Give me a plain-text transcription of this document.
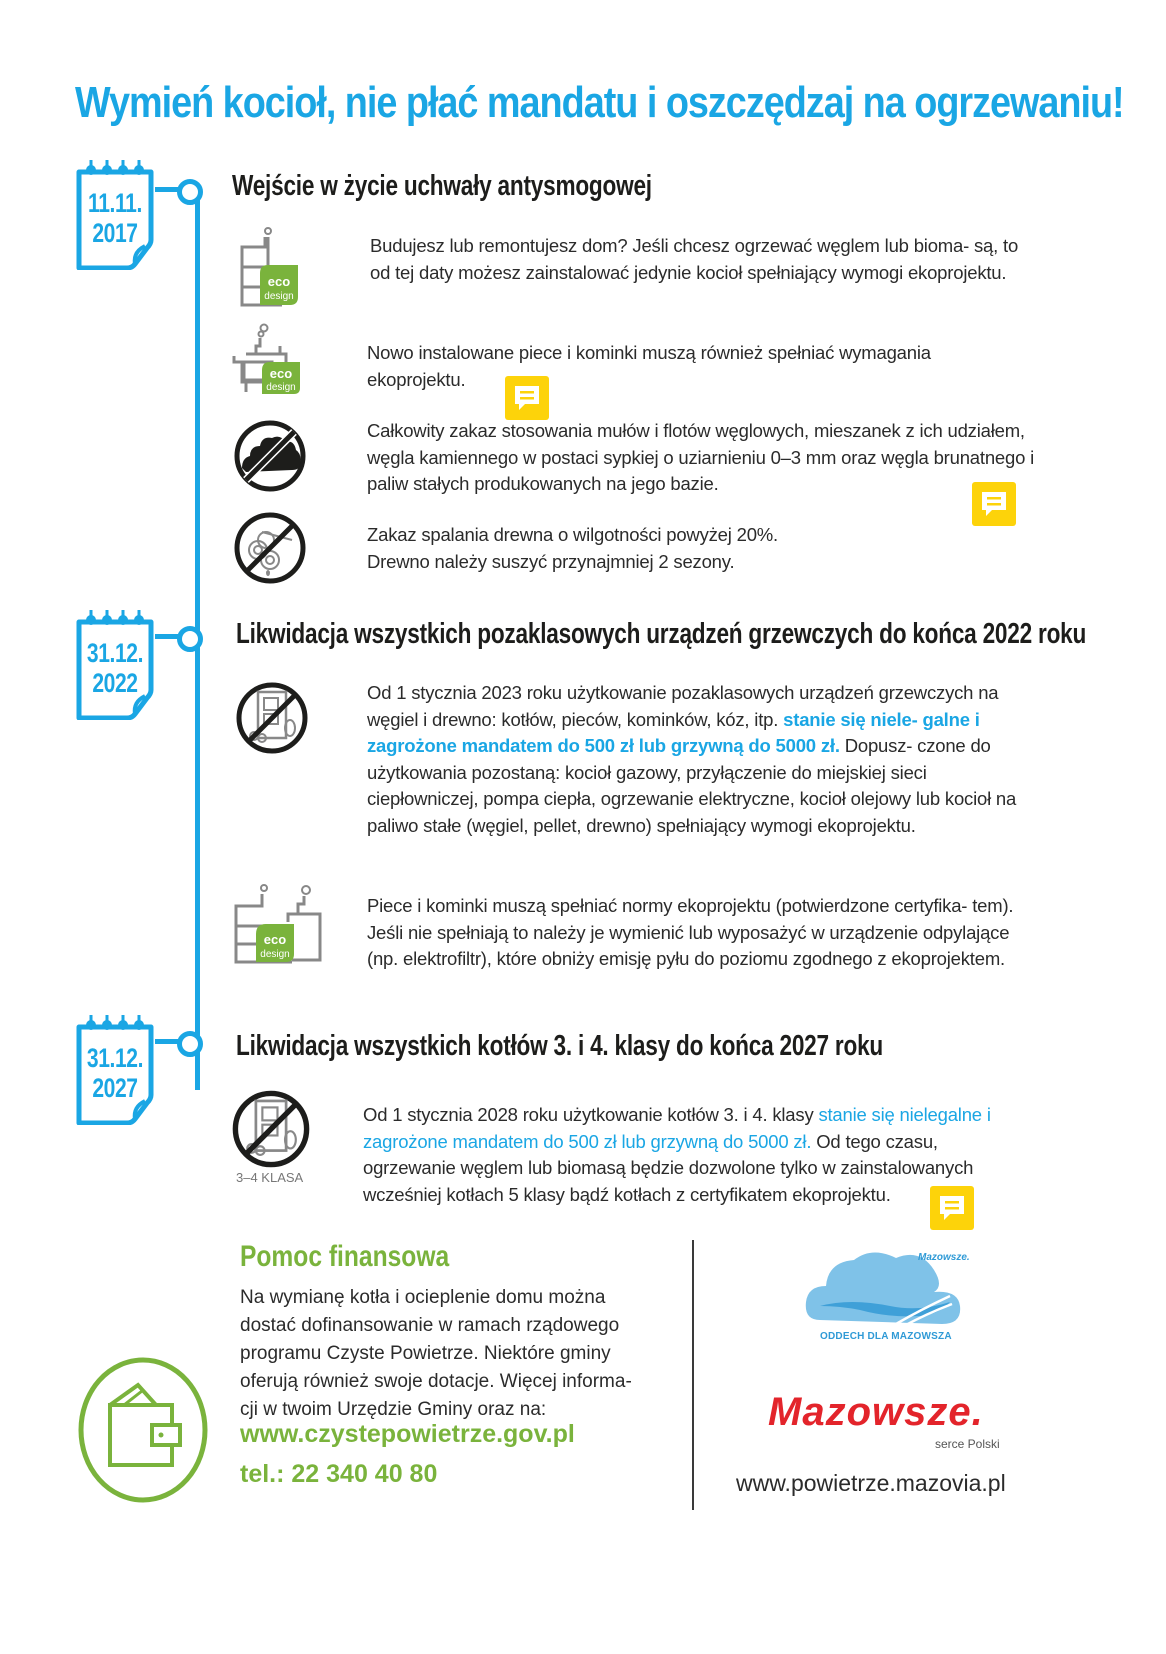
Wymień kocioł, nie płać mandatu i oszczędzaj na ogrzewaniu!
11.11.
2017
Wejście w życie uchwały antysmogowej
eco
design
Budujesz lub remontujesz dom? Jeśli chcesz ogrzewać węglem lub bioma- są, to od tej daty możesz zainstalować jedynie kocioł spełniający wymogi ekoprojektu.
eco
design
Nowo instalowane piece i kominki muszą również spełniać wymagania ekoprojektu.
Całkowity zakaz stosowania mułów i flotów węglowych, mieszanek z ich udziałem, węgla kamiennego w postaci sypkiej o uziarnieniu 0–3 mm oraz węgla brunatnego i paliw stałych produkowanych na jego bazie.
Zakaz spalania drewna o wilgotności powyżej 20%.
Drewno należy suszyć przynajmniej 2 sezony.
31.12.
2022
Likwidacja wszystkich pozaklasowych urządzeń grzewczych do końca 2022 roku
Od 1 stycznia 2023 roku użytkowanie pozaklasowych urządzeń grzewczych na węgiel i drewno: kotłów, pieców, kominków, kóz, itp. stanie się niele- galne i zagrożone mandatem do 500 zł lub grzywną do 5000 zł. Dopusz- czone do użytkowania pozostaną: kocioł gazowy, przyłączenie do miejskiej sieci ciepłowniczej, pompa ciepła, ogrzewanie elektryczne, kocioł olejowy lub kocioł na paliwo stałe (węgiel, pellet, drewno) spełniający wymogi ekoprojektu.
eco
design
Piece i kominki muszą spełniać normy ekoprojektu (potwierdzone certyfika- tem). Jeśli nie spełniają to należy je wymienić lub wyposażyć w urządzenie odpylające (np. elektrofiltr), które obniży emisję pyłu do poziomu zgodnego z ekoprojektem.
31.12.
2027
Likwidacja wszystkich kotłów 3. i 4. klasy do końca 2027 roku
3–4 KLASA
Od 1 stycznia 2028 roku użytkowanie kotłów 3. i 4. klasy stanie się nielegalne i zagrożone mandatem do 500 zł lub grzywną do 5000 zł. Od tego czasu, ogrzewanie węglem lub biomasą będzie dozwolone tylko w zainstalowanych wcześniej kotłach 5 klasy bądź kotłach z certyfikatem ekoprojektu.
Pomoc finansowa
Na wymianę kotła i ocieplenie domu można dostać dofinansowanie w ramach rządowego programu Czyste Powietrze. Niektóre gminy oferują również swoje dotacje. Więcej informa- cji w twoim Urzędzie Gminy oraz na:
www.czystepowietrze.gov.pl
tel.: 22 340 40 80
Mazowsze.
ODDECH DLA MAZOWSZA
Mazowsze.
serce Polski
www.powietrze.mazovia.pl
